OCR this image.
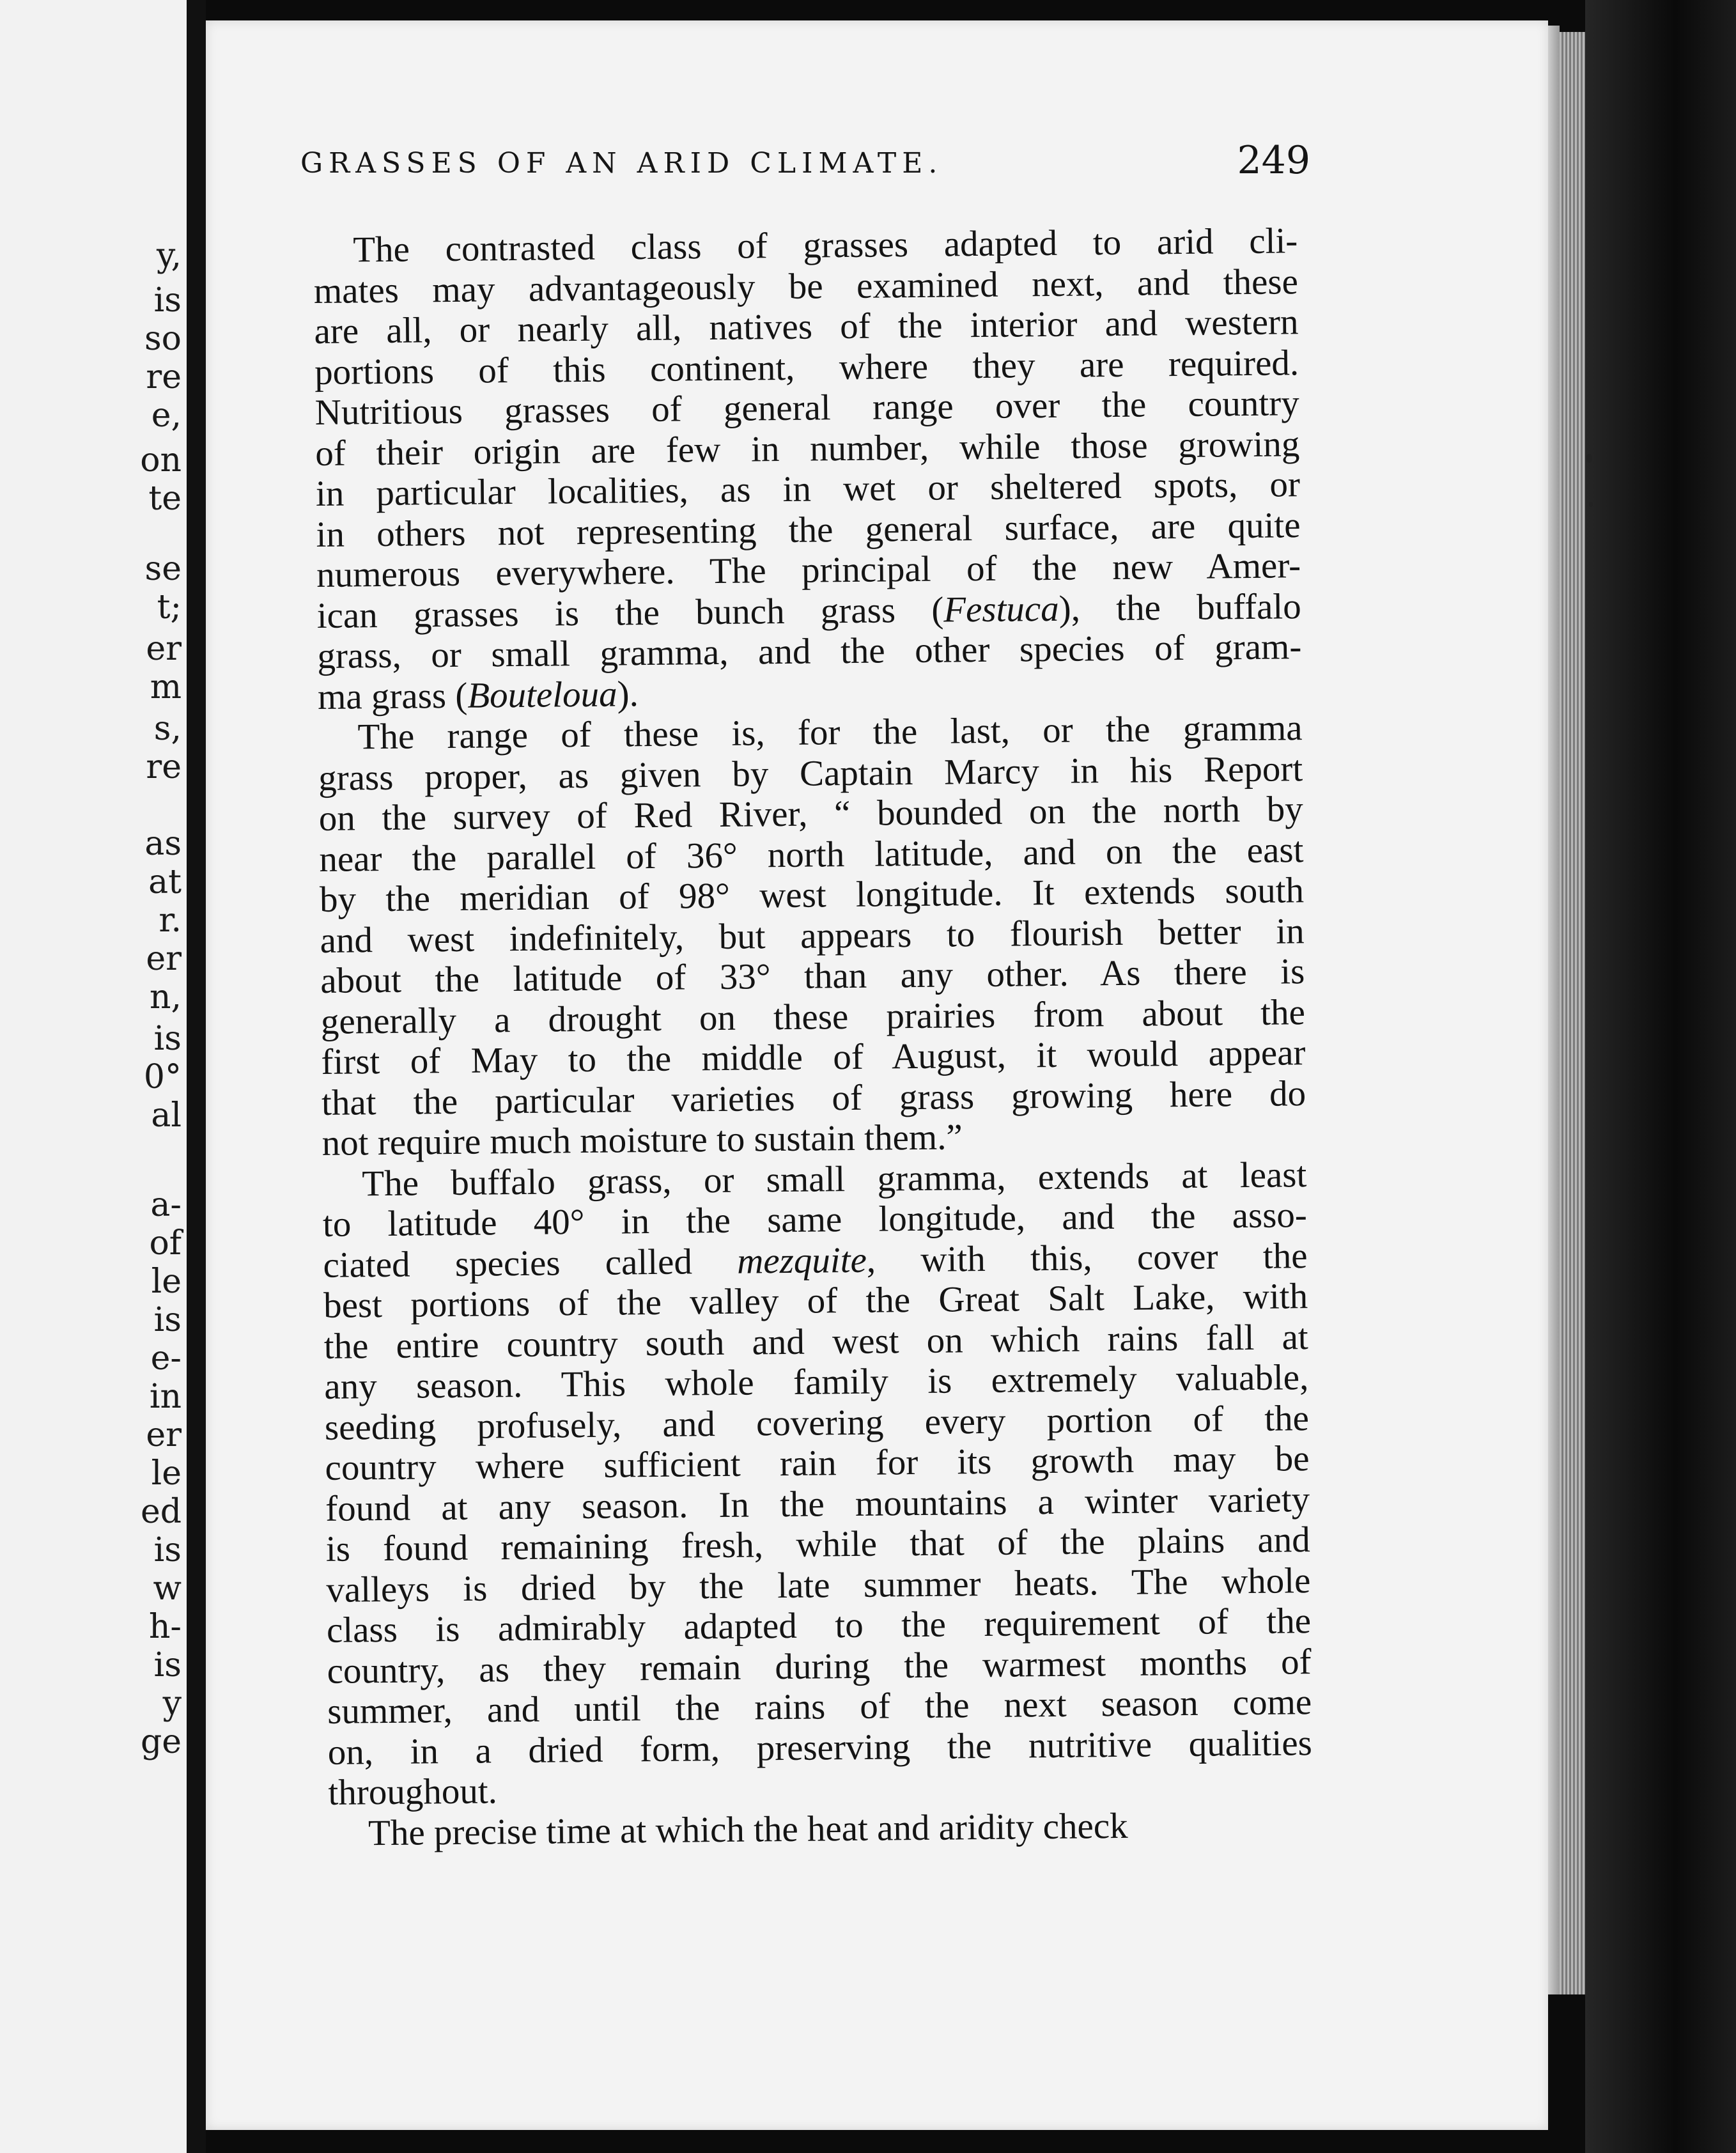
y,
is
so
re
e,
on
te
se
t;
er
m
s,
re
as
at
r.
er
n,
is
0°
al
a-
of
le
is
e-
in
er
le
ed
is
w
h-
is
y
ge
GRASSES OF AN ARID CLIMATE.	249
The contrasted class of grasses adapted to arid cli-
mates may advantageously be examined next, and these
are all, or nearly all, natives of the interior and western
portions of this continent, where they are required.
Nutritious grasses of general range over the country
of their origin are few in number, while those growing
in particular localities, as in wet or sheltered spots, or
in others not representing the general surface, are quite
numerous everywhere. The principal of the new Amer-
ican grasses is the bunch grass (Festuca), the buffalo
grass, or small gramma, and the other species of gram-
ma grass (Bouteloua).
The range of these is, for the last, or the gramma
grass proper, as given by Captain Marcy in his Report
on the survey of Red River, “ bounded on the north by
near the parallel of 36° north latitude, and on the east
by the meridian of 98° west longitude. It extends south
and west indefinitely, but appears to flourish better in
about the latitude of 33° than any other. As there is
generally a drought on these prairies from about the
first of May to the middle of August, it would appear
that the particular varieties of grass growing here do
not require much moisture to sustain them.”
The buffalo grass, or small gramma, extends at least
to latitude 40° in the same longitude, and the asso-
ciated species called mezquite, with this, cover the
best portions of the valley of the Great Salt Lake, with
the entire country south and west on which rains fall at
any season. This whole family is extremely valuable,
seeding profusely, and covering every portion of the
country where sufficient rain for its growth may be
found at any season. In the mountains a winter variety
is found remaining fresh, while that of the plains and
valleys is dried by the late summer heats. The whole
class is admirably adapted to the requirement of the
country, as they remain during the warmest months of
summer, and until the rains of the next season come
on, in a dried form, preserving the nutritive qualities
throughout.
The precise time at which the heat and aridity check
